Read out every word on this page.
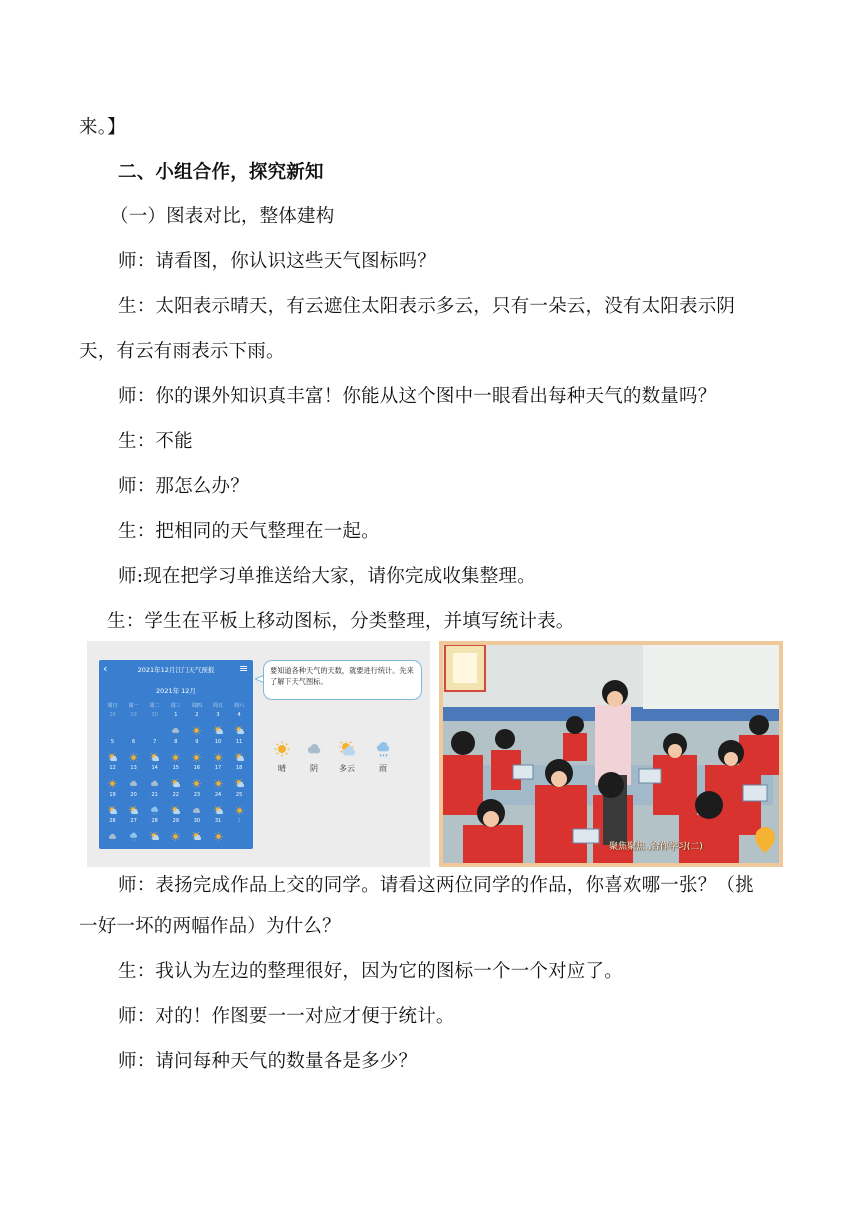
来。】
二、小组合作，探究新知
（一）图表对比，整体建构
师：请看图，你认识这些天气图标吗？
生：太阳表示晴天，有云遮住太阳表示多云，只有一朵云，没有太阳表示阴
天，有云有雨表示下雨。
师：你的课外知识真丰富！你能从这个图中一眼看出每种天气的数量吗？
生：不能
师：那怎么办？
生：把相同的天气整理在一起。
师:现在把学习单推送给大家，请你完成收集整理。
生：学生在平板上移动图标，分类整理，并填写统计表。
‹	2021年12月江门天气预报	≡
2021年 12月
周日	周一	周二	周三	周四	周五	周六
28	29	30	1	2	3	4
5	6	7	8	9	10	11
12	13	14	15	16	17	18
19	20	21	22	23	24	25
26	27	28	29	30	31	1
要知道各种天气的天数，就要进行统计。先来了解下天气图标。
晴	阴	多云	雨
聚焦聚焦 ,合作学习(二)
师：表扬完成作品上交的同学。请看这两位同学的作品，你喜欢哪一张？（挑
一好一坏的两幅作品）为什么？
生：我认为左边的整理很好，因为它的图标一个一个对应了。
师：对的！作图要一一对应才便于统计。
师：请问每种天气的数量各是多少？
